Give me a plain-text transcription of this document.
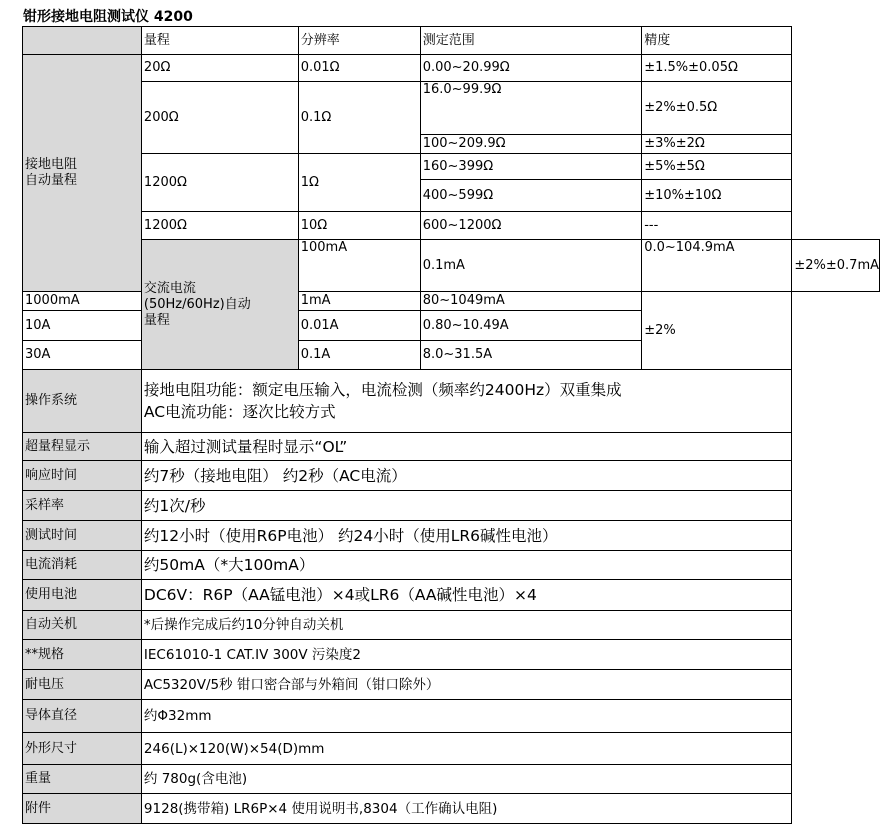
钳形接地电阻测试仪 4200
	量程	分辨率	测定范围	精度	

接地电阻
自动量程	20Ω	0.01Ω	0.00~20.99Ω	±1.5%±0.05Ω	
	200Ω	0.1Ω	16.0~99.9Ω	±2%±0.5Ω	
			100~209.9Ω	±3%±2Ω	
	1200Ω	1Ω	160~399Ω	±5%±5Ω	
			400~599Ω	±10%±10Ω	
	1200Ω	10Ω	600~1200Ω	---	

	交流电流
(50Hz/60Hz)自动
量程	100mA	0.1mA	0.0~104.9mA	±2%±0.7mA
1000mA		1mA	80~1049mA	±2%	
10A		0.01A	0.80~10.49A		
30A		0.1A	8.0~31.5A		
操作系统	接地电阻功能：额定电压输入，电流检测（频率约2400Hz）双重集成
AC电流功能：逐次比较方式				

超量程显示	输入超过测试量程时显示“OL”				
响应时间	约7秒（接地电阻） 约2秒（AC电流）				
采样率	约1次/秒				
测试时间	约12小时（使用R6P电池） 约24小时（使用LR6碱性电池）				
电流消耗	约50mA（*大100mA）				
使用电池	DC6V：R6P（AA锰电池）×4或LR6（AA碱性电池）×4				
自动关机	*后操作完成后约10分钟自动关机				
**规格	IEC61010-1 CAT.IV 300V 污染度2				
耐电压	AC5320V/5秒 钳口密合部与外箱间（钳口除外）				
导体直径	约Φ32mm				
外形尺寸	246(L)×120(W)×54(D)mm				
重量	约 780g(含电池)				
附件	9128(携带箱) LR6P×4 使用说明书,8304（工作确认电阻)				
